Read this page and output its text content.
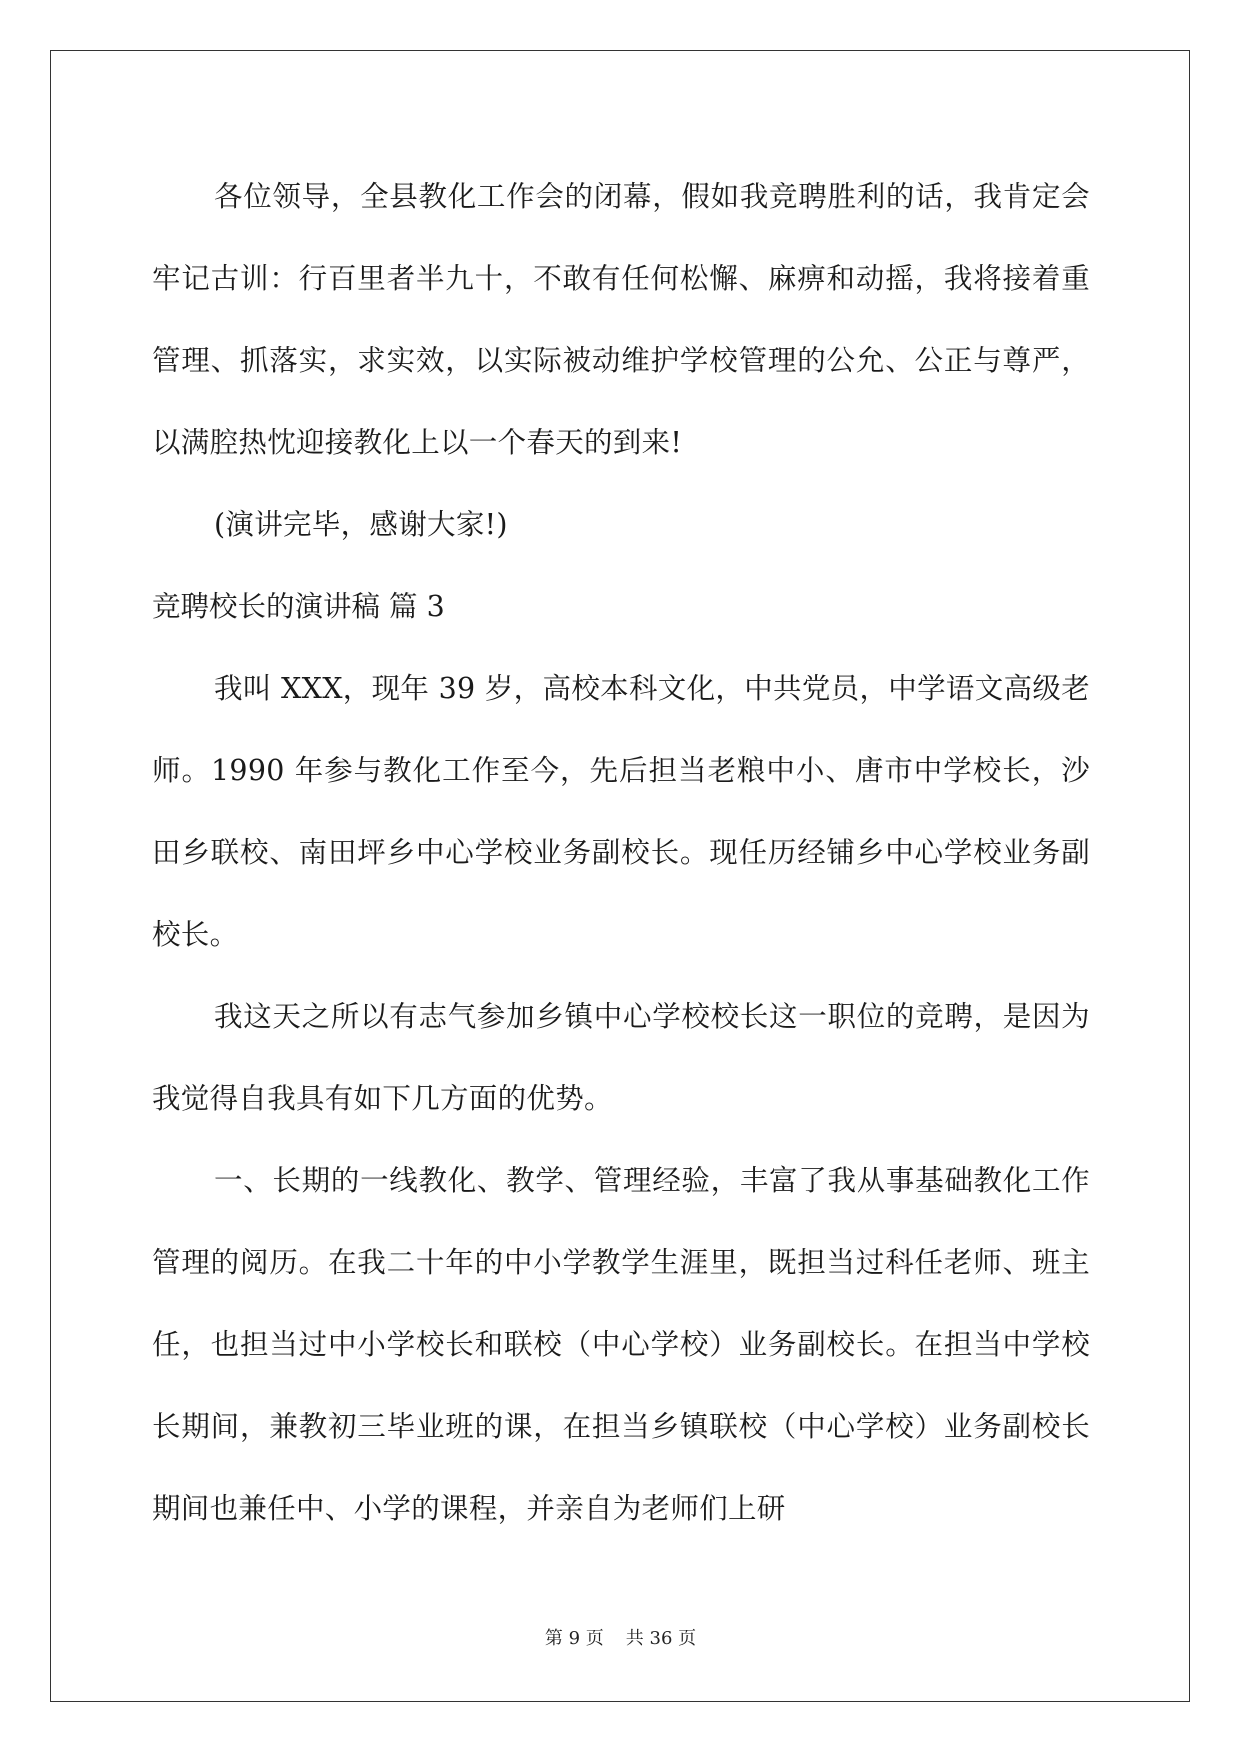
各位领导，全县教化工作会的闭幕，假如我竞聘胜利的话，我肯定会牢记古训：行百里者半九十，不敢有任何松懈、麻痹和动摇，我将接着重管理、抓落实，求实效，以实际被动维护学校管理的公允、公正与尊严，以满腔热忱迎接教化上以一个春天的到来!

(演讲完毕，感谢大家!)

竞聘校长的演讲稿 篇 3

我叫 XXX，现年 39 岁，高校本科文化，中共党员，中学语文高级老师。1990 年参与教化工作至今，先后担当老粮中小、唐市中学校长，沙田乡联校、南田坪乡中心学校业务副校长。现任历经铺乡中心学校业务副校长。

我这天之所以有志气参加乡镇中心学校校长这一职位的竞聘，是因为我觉得自我具有如下几方面的优势。

一、长期的一线教化、教学、管理经验，丰富了我从事基础教化工作管理的阅历。在我二十年的中小学教学生涯里，既担当过科任老师、班主任，也担当过中小学校长和联校（中心学校）业务副校长。在担当中学校长期间，兼教初三毕业班的课，在担当乡镇联校（中心学校）业务副校长期间也兼任中、小学的课程，并亲自为老师们上研

第 9 页 共 36 页
